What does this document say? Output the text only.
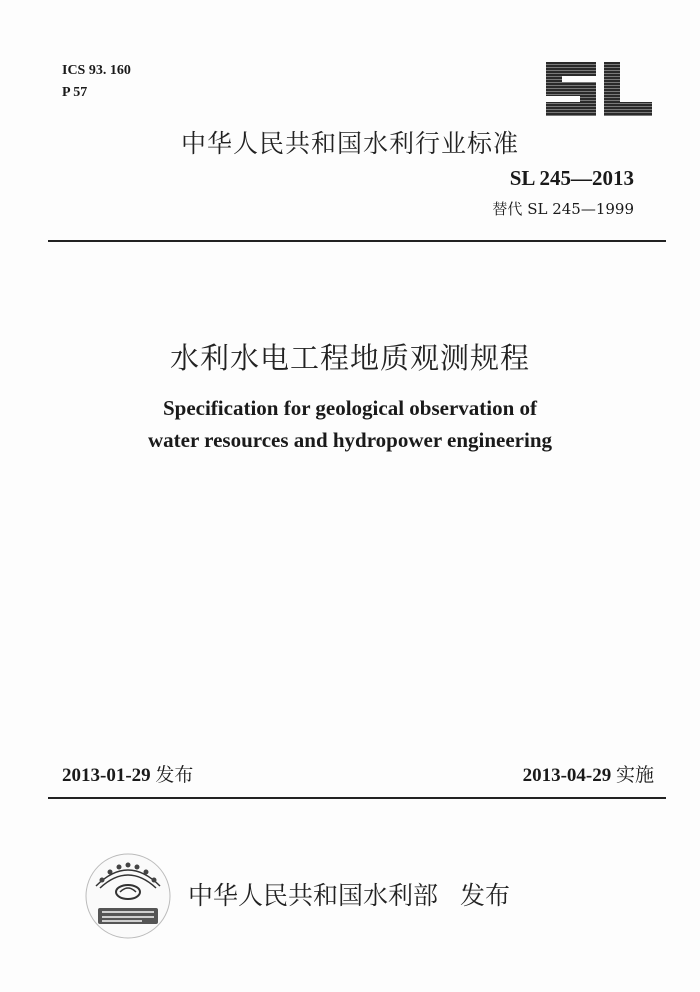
ICS 93. 160
P 57
中华人民共和国水利行业标准
SL 245—2013
替代 SL 245—1999
水利水电工程地质观测规程
Specification for geological observation of
water resources and hydropower engineering
2013-01-29 发布	2013-04-29 实施
中华人民共和国水利部 发布
